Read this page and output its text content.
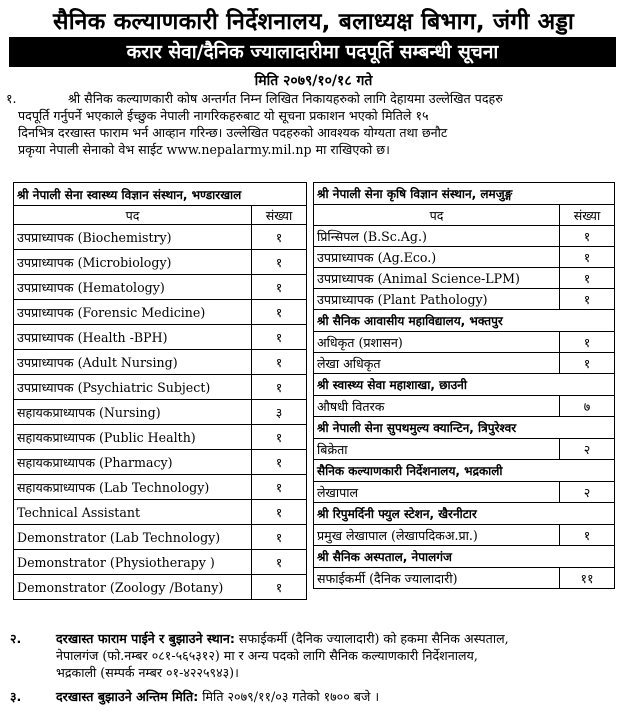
सैनिक कल्याणकारी निर्देशनालय, बलाध्यक्ष बिभाग, जंगी अड्डा
करार सेवा/दैनिक ज्यालादारीमा पदपूर्ति सम्बन्धी सूचना
मिति २०७९/१०/१८ गते
१.	श्री सैनिक कल्याणकारी कोष अन्तर्गत निम्न लिखित निकायहरुको लागि देहायमा उल्लेखित पदहरु
पदपूर्ति गर्नुपर्ने भएकाले ईच्छुक नेपाली नागरिकहरुबाट यो सूचना प्रकाशन भएको मितिले १५
दिनभित्र दरखास्त फाराम भर्न आव्हान गरिन्छ। उल्लेखित पदहरुको आवश्यक योग्यता तथा छनौट
प्रकृया नेपाली सेनाको वेभ साईट www.nepalarmy.mil.np मा राखिएको छ।
श्री नेपाली सेना स्वास्थ्य विज्ञान संस्थान, भण्डारखाल	
पद	संख्या
उपप्राध्यापक (Biochemistry)	१
उपप्राध्यापक (Microbiology)	१
उपप्राध्यापक (Hematology)	१
उपप्राध्यापक (Forensic Medicine)	१
उपप्राध्यापक (Health -BPH)	१
उपप्राध्यापक (Adult Nursing)	१
उपप्राध्यापक (Psychiatric Subject)	१
सहायकप्राध्यापक (Nursing)	३
सहायकप्राध्यापक (Public Health)	१
सहायकप्राध्यापक (Pharmacy)	१
सहायकप्राध्यापक (Lab Technology)	१
Technical Assistant	१
Demonstrator (Lab Technology)	१
Demonstrator (Physiotherapy )	१
Demonstrator (Zoology /Botany)	१
श्री नेपाली सेना कृषि विज्ञान संस्थान, लमजुङ्ग	
पद	संख्या
प्रिन्सिपल (B.Sc.Ag.)	१
उपप्राध्यापक (Ag.Eco.)	१
उपप्राध्यापक (Animal Science-LPM)	१
उपप्राध्यापक (Plant Pathology)	१
श्री सैनिक आवासीय महाविद्यालय, भक्तपुर	
अधिकृत (प्रशासन)	१
लेखा अधिकृत	१
श्री स्वास्थ्य सेवा महाशाखा, छाउनी	
औषधी वितरक	७
श्री नेपाली सेना सुपथमुल्य क्यान्टिन, त्रिपुरेश्वर	
बिक्रेता	२
सैनिक कल्याणकारी निर्देशनालय, भद्रकाली	
लेखापाल	२
श्री रिपुमर्दिनी फ्युल स्टेशन, खैरनीटार	
प्रमुख लेखापाल (लेखापदिकअ.प्रा.)	१
श्री सैनिक अस्पताल, नेपालगंज	
सफाईकर्मी (दैनिक ज्यालादारी)	११
२.	दरखास्त फाराम पाईने र बुझाउने स्थान: सफाईकर्मी (दैनिक ज्यालादारी) को हकमा सैनिक अस्पताल,
नेपालगंज (फो.नम्बर ०८१-५६५३१२) मा र अन्य पदको लागि सैनिक कल्याणकारी निर्देशनालय,
भद्रकाली (सम्पर्क नम्बर ०१-४२२५९४३)।
३.	दरखास्त बुझाउने अन्तिम मिति: मिति २०७९/११/०३ गतेको १७०० बजे ।
